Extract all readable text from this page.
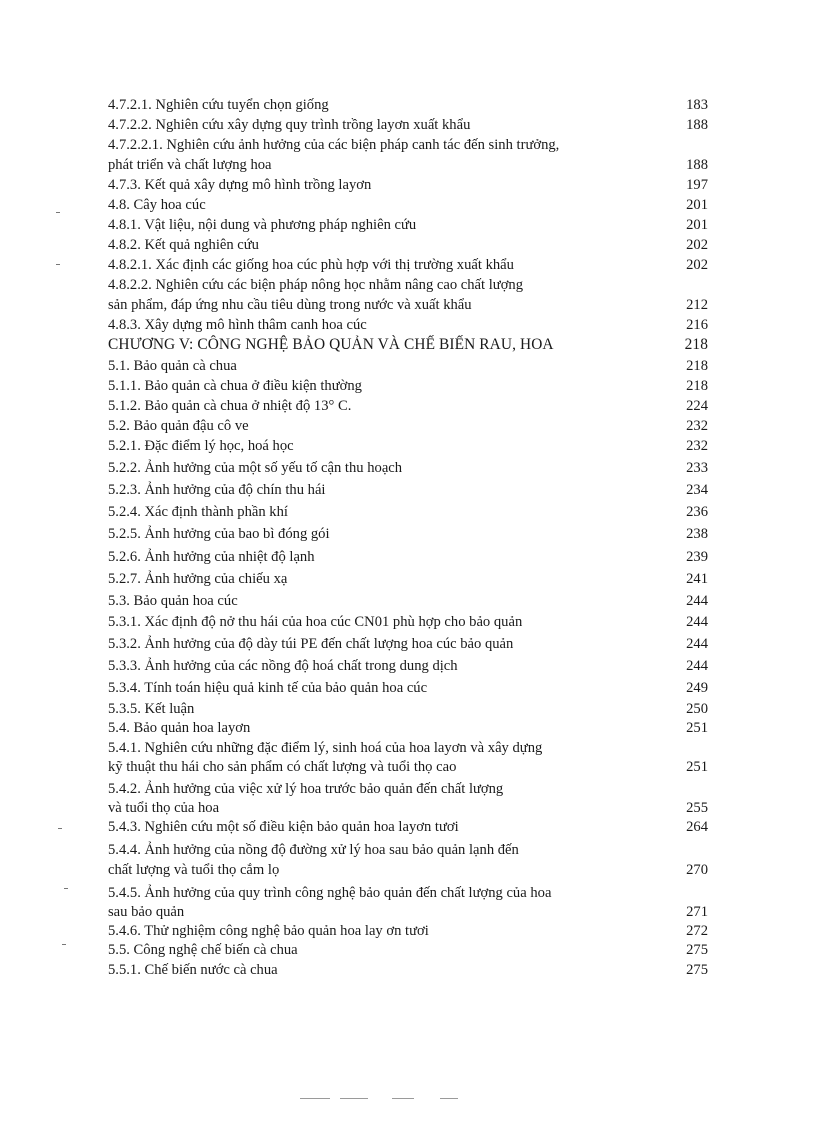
4.7.2.1. Nghiên cứu tuyển chọn giống	183
4.7.2.2. Nghiên cứu xây dựng quy trình trồng layơn xuất khẩu	188
4.7.2.2.1. Nghiên cứu ảnh hưởng của các biện pháp canh tác đến sinh trưởng,
phát triển và chất lượng hoa	188
4.7.3. Kết quả xây dựng mô hình trồng layơn	197
4.8. Cây hoa cúc	201
4.8.1. Vật liệu, nội dung và phương pháp nghiên cứu	201
4.8.2. Kết quả nghiên cứu	202
4.8.2.1. Xác định các giống hoa cúc phù hợp với thị trường xuất khẩu	202
4.8.2.2. Nghiên cứu các biện pháp nông học nhằm nâng cao chất lượng
sản phẩm, đáp ứng nhu cầu tiêu dùng trong nước và xuất khẩu	212
4.8.3. Xây dựng mô hình thâm canh hoa cúc	216
CHƯƠNG V: CÔNG NGHỆ BẢO QUẢN VÀ CHẾ BIẾN RAU, HOA	218
5.1. Bảo quản cà chua	218
5.1.1. Bảo quản cà chua ở điều kiện thường	218
5.1.2. Bảo quản cà chua ở nhiệt độ 13° C.	224
5.2. Bảo quản đậu cô ve	232
5.2.1. Đặc điểm lý học, hoá học	232
5.2.2. Ảnh hưởng của một số yếu tố cận thu hoạch	233
5.2.3. Ảnh hưởng của độ chín thu hái	234
5.2.4. Xác định thành phần khí	236
5.2.5. Ảnh hưởng của bao bì đóng gói	238
5.2.6. Ảnh hưởng của nhiệt độ lạnh	239
5.2.7. Ảnh hưởng của chiếu xạ	241
5.3. Bảo quản hoa cúc	244
5.3.1. Xác định độ nở thu hái của hoa cúc CN01 phù hợp cho bảo quản	244
5.3.2. Ảnh hưởng của độ dày túi PE đến chất lượng hoa cúc bảo quản	244
5.3.3. Ảnh hưởng của các nồng độ hoá chất trong dung dịch	244
5.3.4. Tính toán hiệu quả kinh tế của bảo quản hoa cúc	249
5.3.5. Kết luận	250
5.4. Bảo quản hoa layơn	251
5.4.1. Nghiên cứu những đặc điểm lý, sinh hoá của hoa layơn và xây dựng
kỹ thuật thu hái cho sản phẩm có chất lượng và tuổi thọ cao	251
5.4.2. Ảnh hưởng của việc xử lý hoa trước bảo quản đến chất lượng
và tuổi thọ của hoa	255
5.4.3. Nghiên cứu một số điều kiện bảo quản hoa layơn tươi	264
5.4.4. Ảnh hưởng của nồng độ đường xử lý hoa sau bảo quản lạnh đến
chất lượng và tuổi thọ cắm lọ	270
5.4.5. Ảnh hưởng của quy trình công nghệ bảo quản đến chất lượng của hoa
sau bảo quản	271
5.4.6. Thử nghiệm công nghệ bảo quản hoa lay ơn tươi	272
5.5. Công nghệ chế biến cà chua	275
5.5.1. Chế biến nước cà chua	275
